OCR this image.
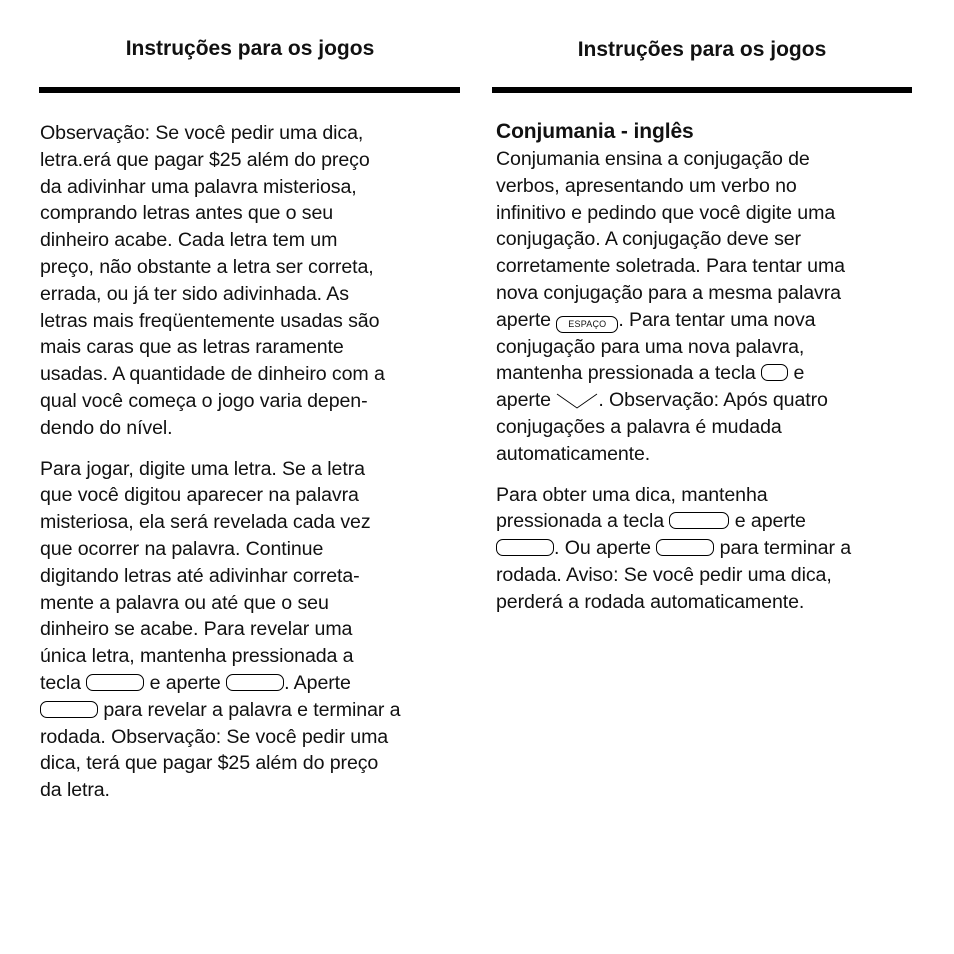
Instruções para os jogos
Observação: Se você pedir uma dica,
letra.erá que pagar $25 além do preço
da adivinhar uma palavra misteriosa,
comprando letras antes que o seu
dinheiro acabe. Cada letra tem um
preço, não obstante a letra ser correta,
errada, ou já ter sido adivinhada. As
letras mais freqüentemente usadas são
mais caras que as letras raramente
usadas. A quantidade de dinheiro com a
qual você começa o jogo varia depen-
dendo do nível.
Para jogar, digite uma letra. Se a letra
que você digitou aparecer na palavra
misteriosa, ela será revelada cada vez
que ocorrer na palavra. Continue
digitando letras até adivinhar correta-
mente a palavra ou até que o seu
dinheiro se acabe. Para revelar uma
única letra, mantenha pressionada a
tecla	e aperte	. Aperte
para revelar a palavra e terminar a
rodada. Observação: Se você pedir uma
dica, terá que pagar $25 além do preço
da letra.
Instruções para os jogos
Conjumania - inglês
Conjumania ensina a conjugação de
verbos, apresentando um verbo no
infinitivo e pedindo que você digite uma
conjugação. A conjugação deve ser
corretamente soletrada. Para tentar uma
nova conjugação para a mesma palavra
aperte ESPAÇO . Para tentar uma nova
conjugação para uma nova palavra,
mantenha pressionada a tecla e
aperte . Observação: Após quatro
conjugações a palavra é mudada
automaticamente.
Para obter uma dica, mantenha
pressionada a tecla	e aperte
. Ou aperte	para terminar a
rodada. Aviso: Se você pedir uma dica,
perderá a rodada automaticamente.
